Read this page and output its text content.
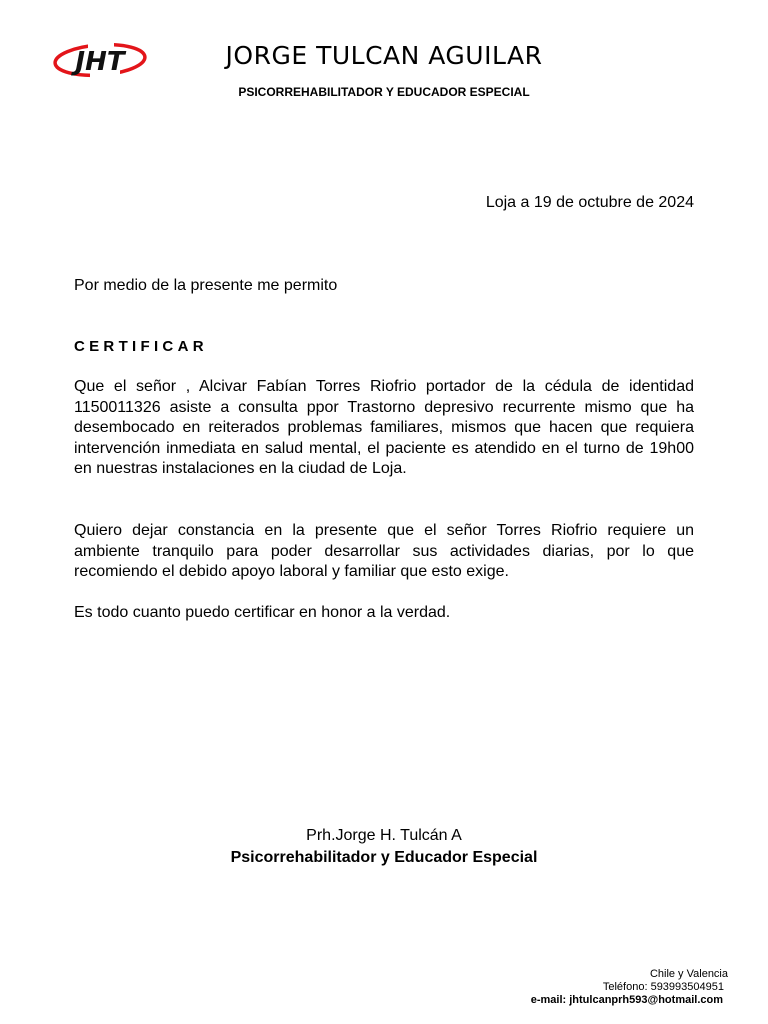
JHT	JORGE TULCAN AGUILAR
PSICORREHABILITADOR Y EDUCADOR ESPECIAL
Loja a 19 de octubre de 2024
Por medio de la presente me permito
CERTIFICAR

Que el señor , Alcivar Fabían Torres Riofrio portador de la cédula de identidad 1150011326 asiste a consulta ppor Trastorno depresivo recurrente mismo que ha desembocado en reiterados problemas familiares, mismos que hacen que requiera intervención inmediata en salud mental, el paciente es atendido en el turno de 19h00 en nuestras instalaciones en la ciudad de Loja.

Quiero dejar constancia en la presente que el señor Torres Riofrio requiere un ambiente tranquilo para poder desarrollar sus actividades diarias, por lo que recomiendo el debido apoyo laboral y familiar que esto exige.

Es todo cuanto puedo certificar en honor a la verdad.

Prh.Jorge H. Tulcán A
Psicorrehabilitador y Educador Especial
Chile y Valencia
Teléfono: 593993504951
e-mail: jhtulcanprh593@hotmail.com
